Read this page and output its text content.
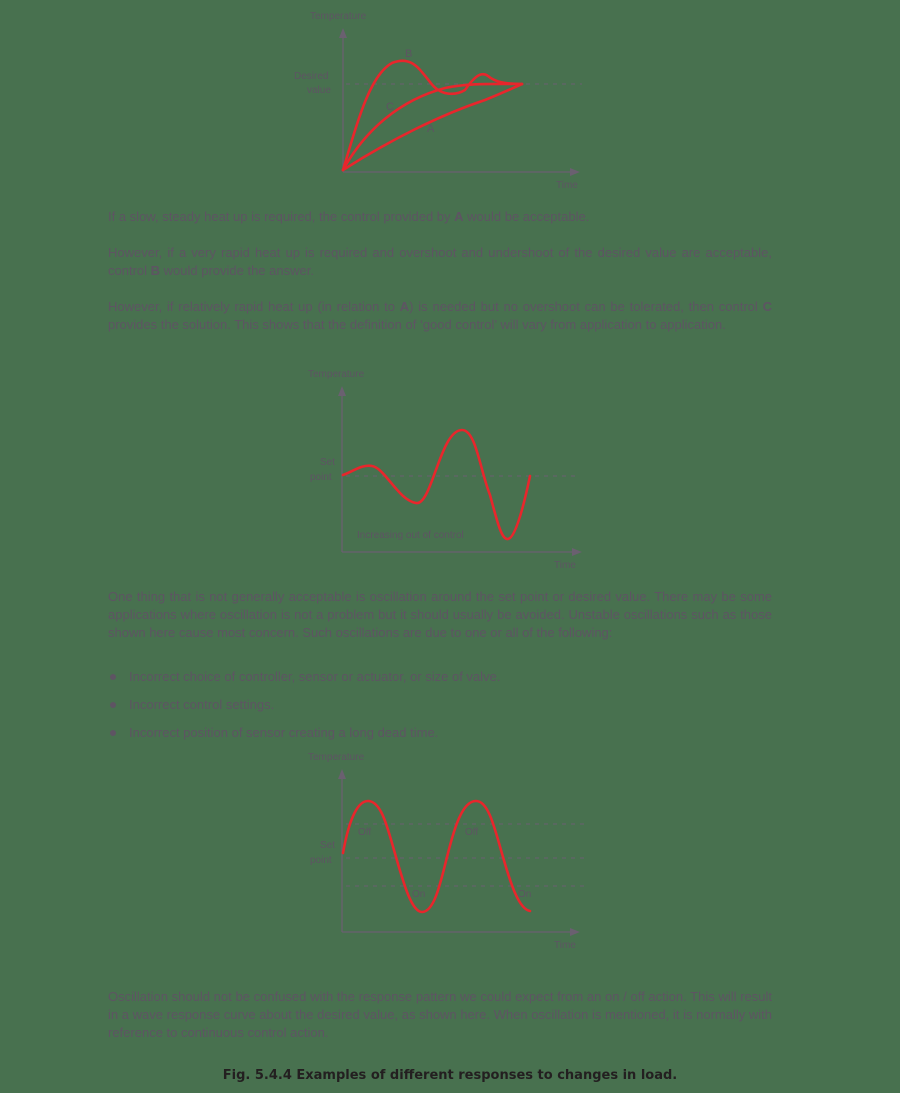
Temperature
Time
Desired
value
B
C
A

If a slow, steady heat up is required, the control provided by A would be acceptable.

However, if a very rapid heat up is required and overshoot and undershoot of the desired value are acceptable, control B would provide the answer.

However, if relatively rapid heat up (in relation to A) is needed but no overshoot can be tolerated, then control C provides the solution. This shows that the definition of ‘good control’ will vary from application to application.

Temperature
Time
Set
point
Increasing out of control

One thing that is not generally acceptable is oscillation around the set point or desired value. There may be some applications where oscillation is not a problem but it should usually be avoided. Unstable oscillations such as those shown here cause most concern. Such oscillations are due to one or all of the following:

Incorrect choice of controller, sensor or actuator, or size of valve.
Incorrect control settings.
Incorrect position of sensor creating a long dead time.
Temperature
Time
Set
point
Off	Off
On	On

Oscillation should not be confused with the response pattern we could expect from an on / off action. This will result in a wave response curve about the desired value, as shown here. When oscillation is mentioned, it is normally with reference to continuous control action.

Fig. 5.4.4 Examples of different responses to changes in load.
